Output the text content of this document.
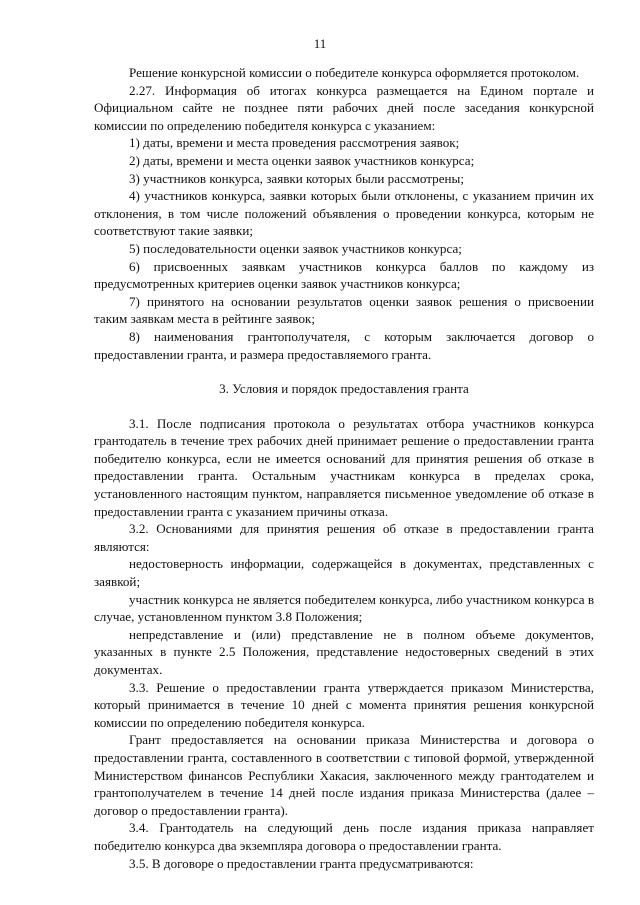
11

Решение конкурсной комиссии о победителе конкурса оформляется протоколом.

2.27. Информация об итогах конкурса размещается на Едином портале и Официальном сайте не позднее пяти рабочих дней после заседания конкурсной комиссии по определению победителя конкурса с указанием:

1) даты, времени и места проведения рассмотрения заявок;

2) даты, времени и места оценки заявок участников конкурса;

3) участников конкурса, заявки которых были рассмотрены;

4) участников конкурса, заявки которых были отклонены, с указанием причин их отклонения, в том числе положений объявления о проведении конкурса, которым не соответствуют такие заявки;

5) последовательности оценки заявок участников конкурса;

6) присвоенных заявкам участников конкурса баллов по каждому из предусмотренных критериев оценки заявок участников конкурса;

7) принятого на основании результатов оценки заявок решения о присвоении таким заявкам места в рейтинге заявок;

8) наименования грантополучателя, с которым заключается договор о предоставлении гранта, и размера предоставляемого гранта.

3. Условия и порядок предоставления гранта

3.1. После подписания протокола о результатах отбора участников конкурса грантодатель в течение трех рабочих дней принимает решение о предоставлении гранта победителю конкурса, если не имеется оснований для принятия решения об отказе в предоставлении гранта. Остальным участникам конкурса в пределах срока, установленного настоящим пунктом, направляется письменное уведомление об отказе в предоставлении гранта с указанием причины отказа.

3.2. Основаниями для принятия решения об отказе в предоставлении гранта являются:

недостоверность информации, содержащейся в документах, представленных с заявкой;

участник конкурса не является победителем конкурса, либо участником конкурса в случае, установленном пунктом 3.8 Положения;

непредставление и (или) представление не в полном объеме документов, указанных в пункте 2.5 Положения, представление недостоверных сведений в этих документах.

3.3. Решение о предоставлении гранта утверждается приказом Министерства, который принимается в течение 10 дней с момента принятия решения конкурсной комиссии по определению победителя конкурса.

Грант предоставляется на основании приказа Министерства и договора о предоставлении гранта, составленного в соответствии с типовой формой, утвержденной Министерством финансов Республики Хакасия, заключенного между грантодателем и грантополучателем в течение 14 дней после издания приказа Министерства (далее – договор о предоставлении гранта).

3.4. Грантодатель на следующий день после издания приказа направляет победителю конкурса два экземпляра договора о предоставлении гранта.

3.5. В договоре о предоставлении гранта предусматриваются:
